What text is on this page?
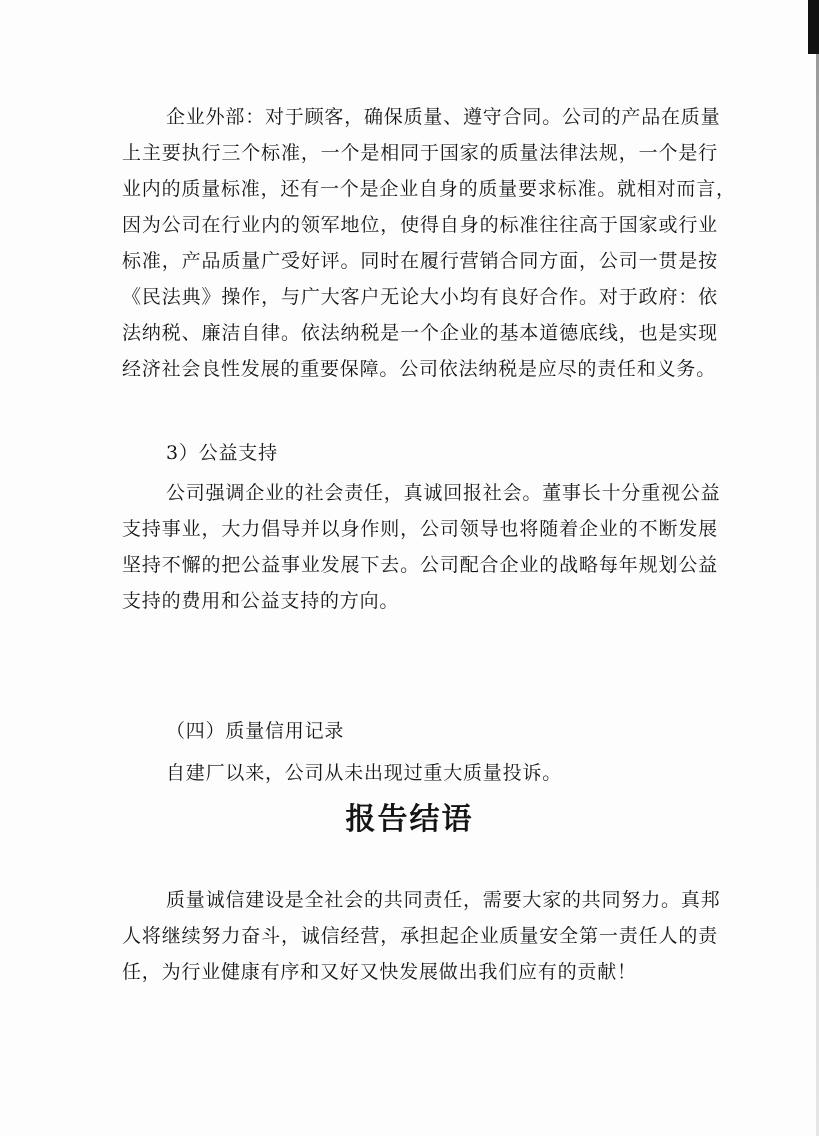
企业外部：对于顾客，确保质量、遵守合同。公司的产品在质量
上主要执行三个标准，一个是相同于国家的质量法律法规，一个是行
业内的质量标准，还有一个是企业自身的质量要求标准。就相对而言，
因为公司在行业内的领军地位，使得自身的标准往往高于国家或行业
标准，产品质量广受好评。同时在履行营销合同方面，公司一贯是按
《民法典》操作，与广大客户无论大小均有良好合作。对于政府：依
法纳税、廉洁自律。依法纳税是一个企业的基本道德底线，也是实现
经济社会良性发展的重要保障。公司依法纳税是应尽的责任和义务。

3）公益支持

公司强调企业的社会责任，真诚回报社会。董事长十分重视公益
支持事业，大力倡导并以身作则，公司领导也将随着企业的不断发展
坚持不懈的把公益事业发展下去。公司配合企业的战略每年规划公益
支持的费用和公益支持的方向。

（四）质量信用记录

自建厂以来，公司从未出现过重大质量投诉。

报告结语
质量诚信建设是全社会的共同责任，需要大家的共同努力。真邦
人将继续努力奋斗，诚信经营，承担起企业质量安全第一责任人的责
任，为行业健康有序和又好又快发展做出我们应有的贡献！
